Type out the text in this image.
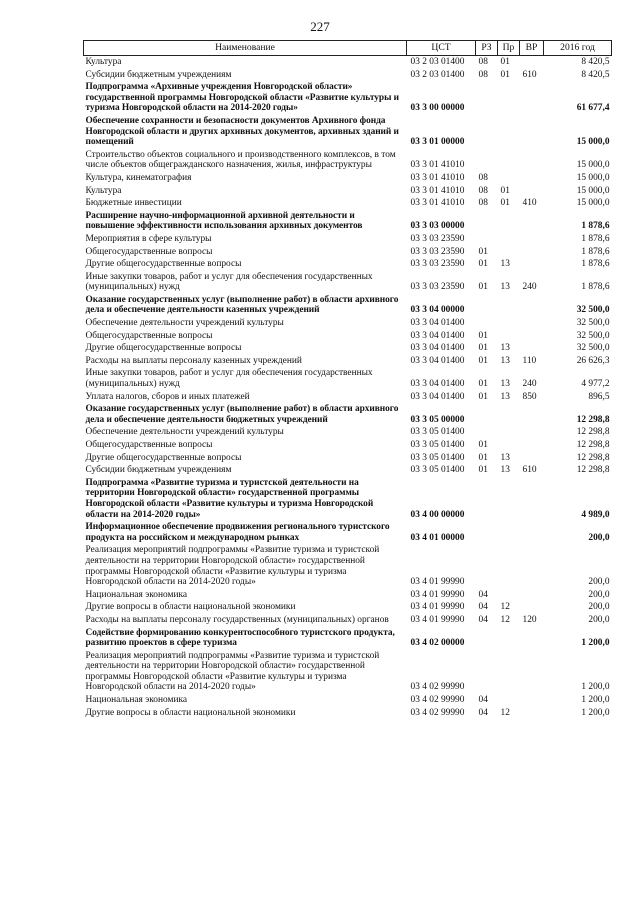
227
Наименование	ЦСТ	РЗ	Пр	ВР	2016 год
Культура	03 2 03 01400	08	01		8 420,5
Субсидии бюджетным учреждениям	03 2 03 01400	08	01	610	8 420,5
Подпрограмма «Архивные учреждения Новгородской области» государственной программы Новгородской области «Развитие культуры и туризма Новгородской области на 2014-2020 годы»	03 3 00 00000				61 677,4
Обеспечение сохранности и безопасности документов Архивного фонда Новгородской области и других архивных документов, архивных зданий и помещений	03 3 01 00000				15 000,0
Строительство объектов социального и производственного комплексов, в том числе объектов общегражданского назначения, жилья, инфраструктуры	03 3 01 41010				15 000,0
Культура, кинематография	03 3 01 41010	08			15 000,0
Культура	03 3 01 41010	08	01		15 000,0
Бюджетные инвестиции	03 3 01 41010	08	01	410	15 000,0
Расширение научно-информационной архивной деятельности и повышение эффективности использования архивных документов	03 3 03 00000				1 878,6
Мероприятия в сфере культуры	03 3 03 23590				1 878,6
Общегосударственные вопросы	03 3 03 23590	01			1 878,6
Другие общегосударственные вопросы	03 3 03 23590	01	13		1 878,6
Иные закупки товаров, работ и услуг для обеспечения государственных (муниципальных) нужд	03 3 03 23590	01	13	240	1 878,6
Оказание государственных услуг (выполнение работ) в области архивного дела и обеспечение деятельности казенных учреждений	03 3 04 00000				32 500,0
Обеспечение деятельности учреждений культуры	03 3 04 01400				32 500,0
Общегосударственные вопросы	03 3 04 01400	01			32 500,0
Другие общегосударственные вопросы	03 3 04 01400	01	13		32 500,0
Расходы на выплаты персоналу казенных учреждений	03 3 04 01400	01	13	110	26 626,3
Иные закупки товаров, работ и услуг для обеспечения государственных (муниципальных) нужд	03 3 04 01400	01	13	240	4 977,2
Уплата налогов, сборов и иных платежей	03 3 04 01400	01	13	850	896,5
Оказание государственных услуг (выполнение работ) в области архивного дела и обеспечение деятельности бюджетных учреждений	03 3 05 00000				12 298,8
Обеспечение деятельности учреждений культуры	03 3 05 01400				12 298,8
Общегосударственные вопросы	03 3 05 01400	01			12 298,8
Другие общегосударственные вопросы	03 3 05 01400	01	13		12 298,8
Субсидии бюджетным учреждениям	03 3 05 01400	01	13	610	12 298,8
Подпрограмма «Развитие туризма и туристской деятельности на территории Новгородской области» государственной программы Новгородской области «Развитие культуры и туризма Новгородской области на 2014-2020 годы»	03 4 00 00000				4 989,0
Информационное обеспечение продвижения регионального туристского продукта на российском и международном рынках	03 4 01 00000				200,0
Реализация мероприятий подпрограммы «Развитие туризма и туристской деятельности на территории Новгородской области» государственной программы Новгородской области «Развитие культуры и туризма Новгородской области на 2014-2020 годы»	03 4 01 99990				200,0
Национальная экономика	03 4 01 99990	04			200,0
Другие вопросы в области национальной экономики	03 4 01 99990	04	12		200,0
Расходы на выплаты персоналу государственных (муниципальных) органов	03 4 01 99990	04	12	120	200,0
Содействие формированию конкурентоспособного туристского продукта, развитию проектов в сфере туризма	03 4 02 00000				1 200,0
Реализация мероприятий подпрограммы «Развитие туризма и туристской деятельности на территории Новгородской области» государственной программы Новгородской области «Развитие культуры и туризма Новгородской области на 2014-2020 годы»	03 4 02 99990				1 200,0
Национальная экономика	03 4 02 99990	04			1 200,0
Другие вопросы в области национальной экономики	03 4 02 99990	04	12		1 200,0
